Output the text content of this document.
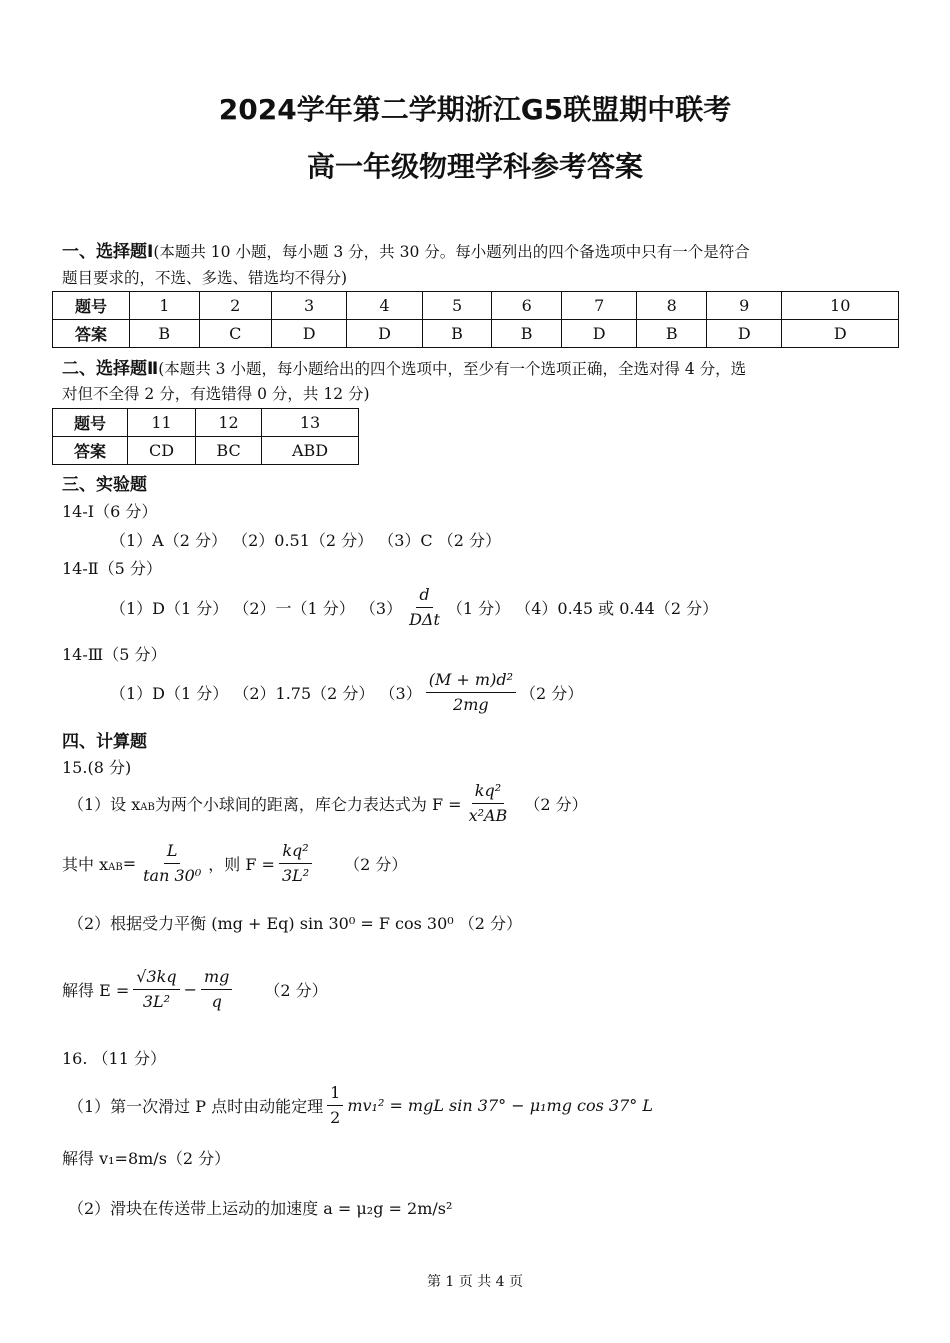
2024学年第二学期浙江G5联盟期中联考
高一年级物理学科参考答案
一、选择题Ⅰ(本题共 10 小题，每小题 3 分，共 30 分。每小题列出的四个备选项中只有一个是符合
题目要求的，不选、多选、错选均不得分)
题号	1	2	3	4	5	6	7	8	9	10
答案	B	C	D	D	B	B	D	B	D	D
二、选择题Ⅱ(本题共 3 小题，每小题给出的四个选项中，至少有一个选项正确，全选对得 4 分，选
对但不全得 2 分，有选错得 0 分，共 12 分)
题号	11	12	13
答案	CD	BC	ABD
三、实验题
14-Ⅰ（6 分）
（1）A（2 分） （2）0.51（2 分） （3）C （2 分）
14-Ⅱ（5 分）
（1）D（1 分） （2）一（1 分） $(3) \frac{d}{\text{DΔt}} (1$ 分） （4）0.45 或 0.44（2 分）
14-Ⅲ（5 分）
（1）D（1 分） （2）1.75（2 分） $(3) \frac{\text{(M + m)d²}}{2mg} (2$ 分）
四、计算题
15.(8 分)
（1）设 $x_{AB}$ 为两个小球间的距离，库仑力表达式为 $F = \frac{\text{kq²}}{\text{x²AB}} (2$ 分）
其中 $x_{AB} = \frac{L}{\text{tan 30⁰}}$ ，则 $F = \frac{\text{kq²}}{\text{3L²}} (2$ 分）
（2）根据受力平衡 (mg + Eq) sin 30⁰ = F cos 30⁰ （2 分）
解得 $E = \frac{√3kq}{\text{3L²}} - \frac{mg}{q} (2$ 分）
16. （11 分）
（1）第一次滑过 P 点时由动能定理 $\frac{1}{2} mv_1^2$ = mgL sin 37° − μ₁mg cos 37° L
解得 v₁=8m/s（2 分）
（2）滑块在传送带上运动的加速度 a = μ₂g = 2m/s²
第 1 页 共 4 页
